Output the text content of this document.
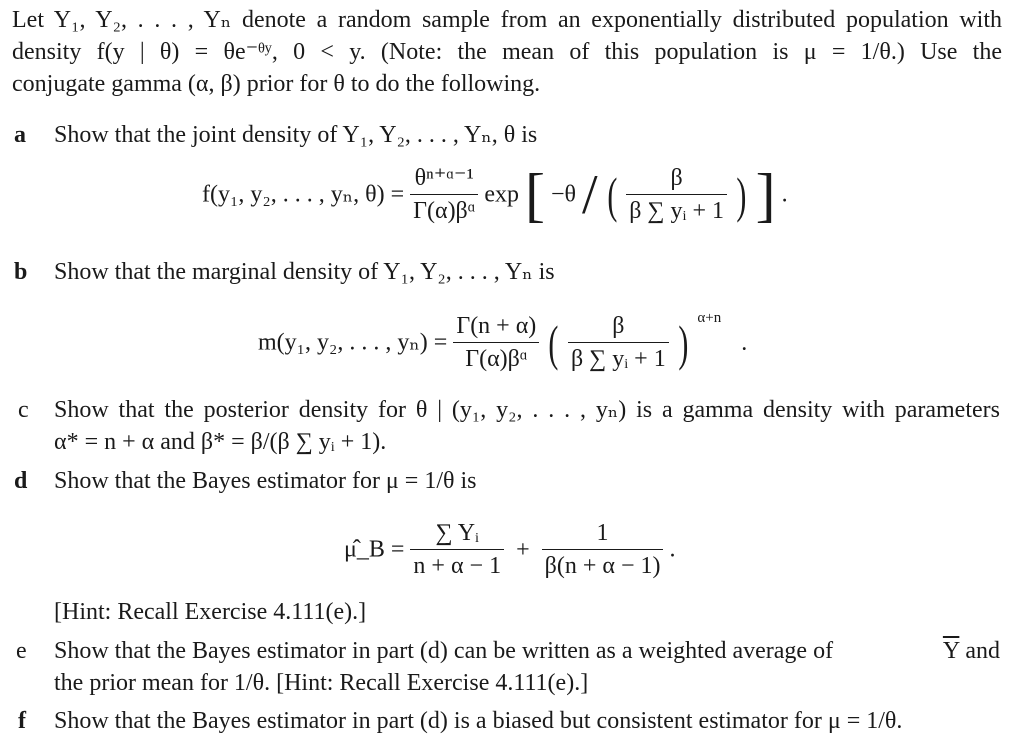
Let Y₁, Y₂, . . . , Yₙ denote a random sample from an exponentially distributed population with
density f(y | θ) = θe⁻ᶿʸ, 0 < y. (Note: the mean of this population is μ = 1/θ.) Use the
conjugate gamma (α, β) prior for θ to do the following.
a Show that the joint density of Y₁, Y₂, . . . , Yₙ, θ is
f(y₁, y₂, . . . , yₙ, $\theta) = \frac{\text{θⁿ⁺ᵅ⁻¹}}{\text{Γ(α)βᵅ}}$ exp [ −θ / ( $\frac{\beta}{\text{β ∑ yᵢ + 1}}$ ) ] .
b Show that the marginal density of Y₁, Y₂, . . . , Yₙ is
m(y₁, y₂, . . . , $y_n) = \frac{\Gamma(n + \alpha)}{\text{Γ(α)βᵅ}}$ ( $\frac{\beta}{\text{β ∑ yᵢ + 1}}$ ) $^{\alpha+n}$ .
c Show that the posterior density for θ | (y₁, y₂, . . . , yₙ) is a gamma density with parameters
α* = n + α and β* = β/(β ∑ yᵢ + 1).
d Show that the Bayes estimator for μ = 1/θ is
μ̂_B = $\frac{\text{∑ Yᵢ}}{n + \alpha - 1} + \frac{1}{\beta(n + \alpha - 1)}$ .
[Hint: Recall Exercise 4.111(e).]
e Show that the Bayes estimator in part (d) can be written as a weighted average of	$\overline{Y}$ and
the prior mean for 1/θ. [Hint: Recall Exercise 4.111(e).]
f Show that the Bayes estimator in part (d) is a biased but consistent estimator for μ = 1/θ.
